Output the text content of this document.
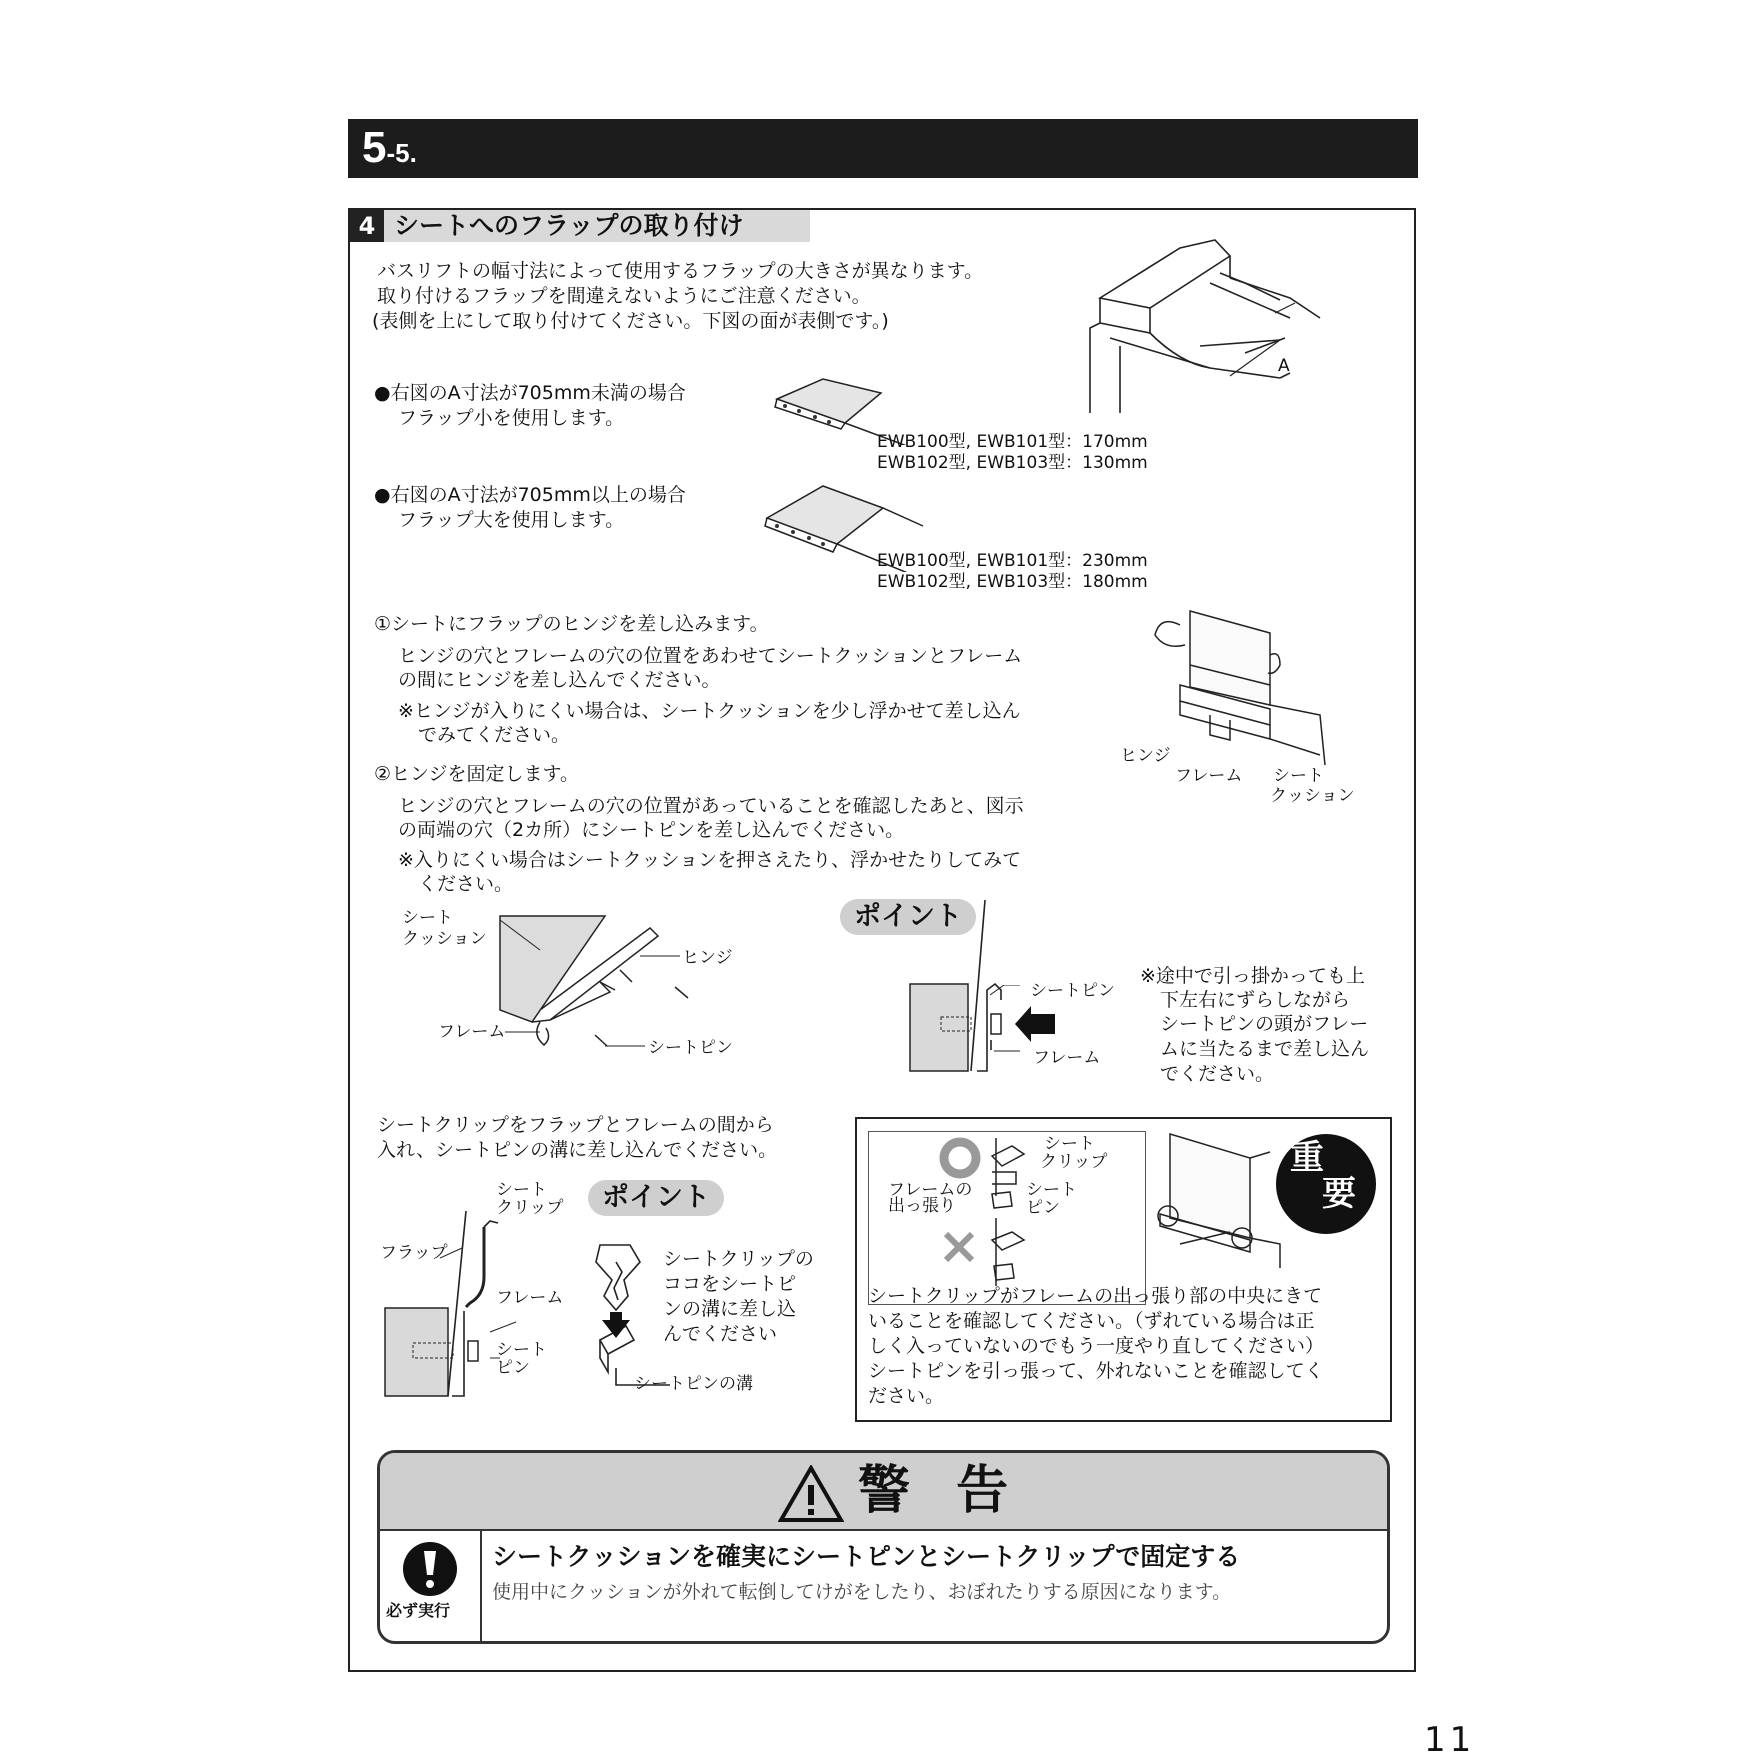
5-5.
4 シートへのフラップの取り付け
バスリフトの幅寸法によって使用するフラップの大きさが異なります。
取り付けるフラップを間違えないようにご注意ください。
(表側を上にして取り付けてください。下図の面が表側です。)
A
●右図のA寸法が705mm未満の場合
フラップ小を使用します。
EWB100型, EWB101型：170mm
EWB102型, EWB103型：130mm
●右図のA寸法が705mm以上の場合
フラップ大を使用します。
EWB100型, EWB101型：230mm
EWB102型, EWB103型：180mm
①シートにフラップのヒンジを差し込みます。
ヒンジの穴とフレームの穴の位置をあわせてシートクッションとフレーム
の間にヒンジを差し込んでください。
※ヒンジが入りにくい場合は、シートクッションを少し浮かせて差し込ん
でみてください。
ヒンジ
フレーム シート
クッション
②ヒンジを固定します。
ヒンジの穴とフレームの穴の位置があっていることを確認したあと、図示
の両端の穴（2カ所）にシートピンを差し込んでください。
※入りにくい場合はシートクッションを押さえたり、浮かせたりしてみて
ください。
シート
クッション
ヒンジ
フレーム
シートピン
ポイント
シートピン
フレーム
※途中で引っ掛かっても上
下左右にずらしながら
シートピンの頭がフレー
ムに当たるまで差し込ん
でください。
シートクリップをフラップとフレームの間から
入れ、シートピンの溝に差し込んでください。
シート
クリップ
フラップ
フレーム
シート
ピン
ポイント
シートクリップの
ココをシートピ
ンの溝に差し込
んでください
シートピンの溝
シート
クリップ
フレームの
出っ張り
シート
ピン
重
要
シートクリップがフレームの出っ張り部の中央にきて
いることを確認してください。（ずれている場合は正
しく入っていないのでもう一度やり直してください）
シートピンを引っ張って、外れないことを確認してく
ださい。
警 告
必ず実行
シートクッションを確実にシートピンとシートクリップで固定する
使用中にクッションが外れて転倒してけがをしたり、おぼれたりする原因になります。
11
